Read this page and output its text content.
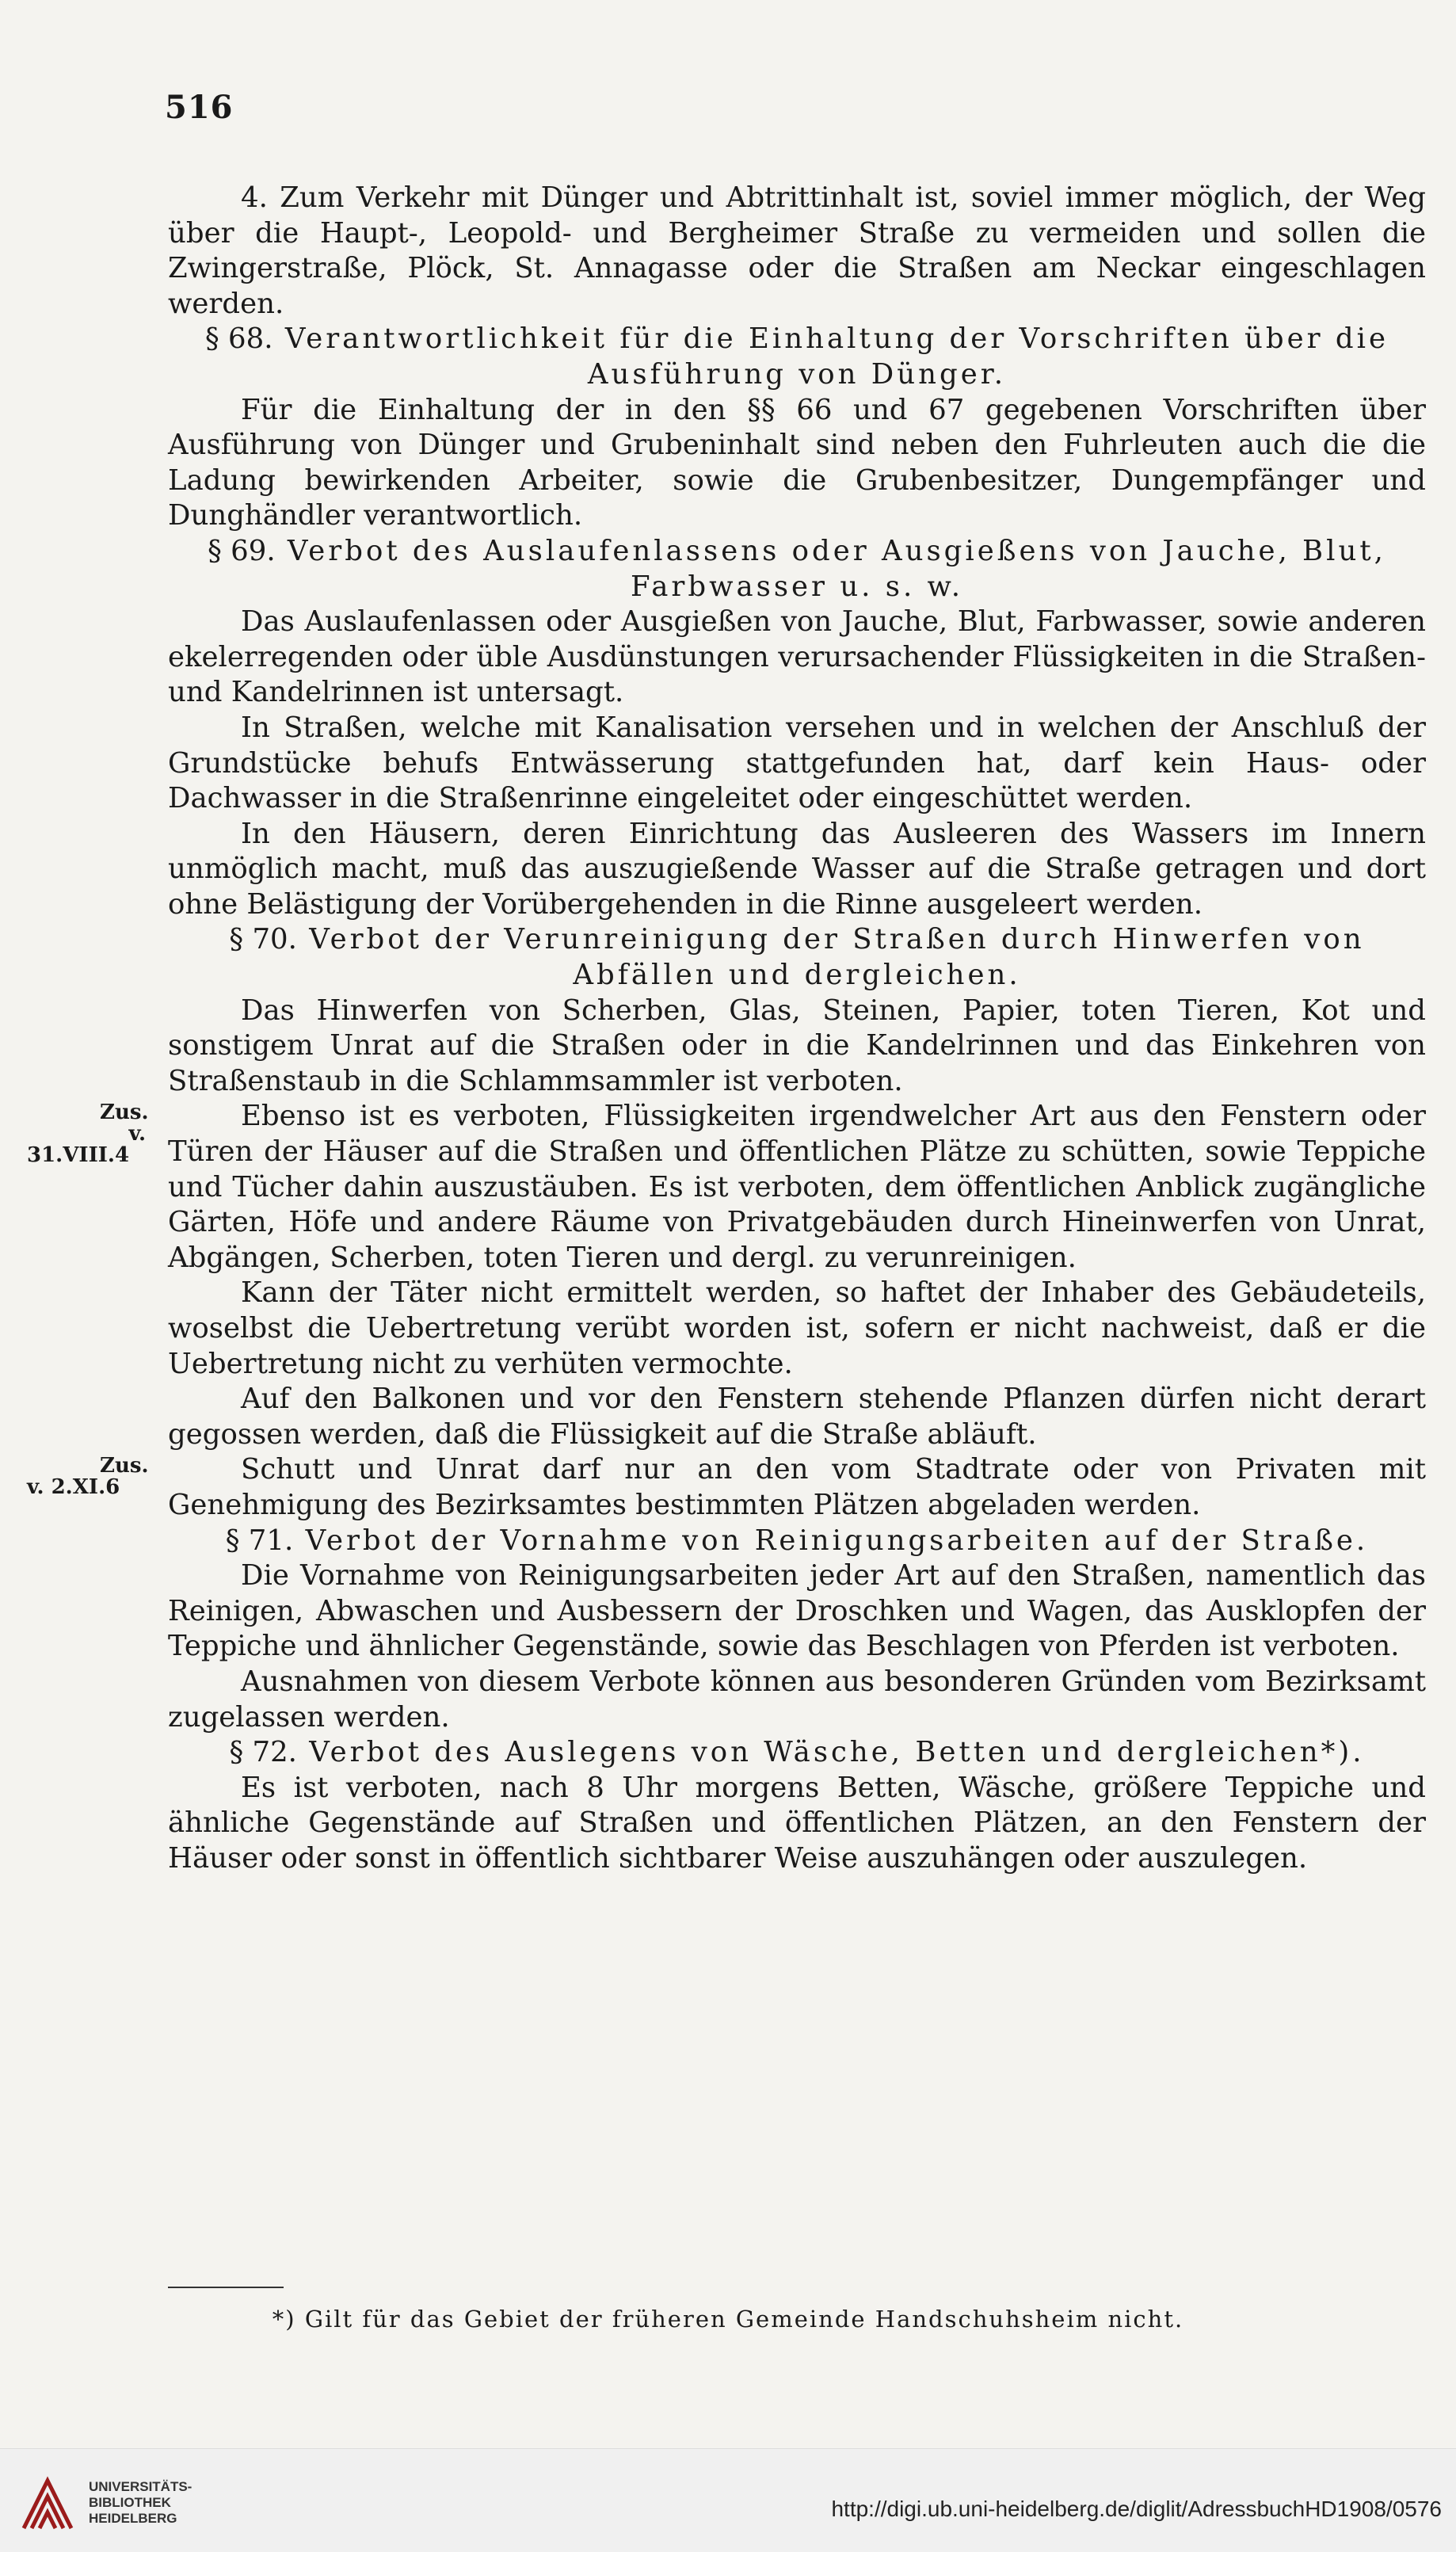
516

4. Zum Verkehr mit Dünger und Abtrittinhalt ist, soviel immer möglich, der Weg über die Haupt-, Leopold- und Bergheimer Straße zu vermeiden und sollen die Zwingerstraße, Plöck, St. Annagasse oder die Straßen am Neckar eingeschlagen werden.

§ 68. Verantwortlichkeit für die Einhaltung der Vorschriften über die Ausführung von Dünger.

Für die Einhaltung der in den §§ 66 und 67 gegebenen Vorschriften über Ausführung von Dünger und Grubeninhalt sind neben den Fuhrleuten auch die die Ladung bewirkenden Arbeiter, sowie die Grubenbesitzer, Dungempfänger und Dunghändler verantwortlich.

§ 69. Verbot des Auslaufenlassens oder Ausgießens von Jauche, Blut, Farbwasser u. s. w.

Das Auslaufenlassen oder Ausgießen von Jauche, Blut, Farbwasser, sowie anderen ekelerregenden oder üble Ausdünstungen verursachender Flüssigkeiten in die Straßen- und Kandelrinnen ist untersagt.

In Straßen, welche mit Kanalisation versehen und in welchen der Anschluß der Grundstücke behufs Entwässerung stattgefunden hat, darf kein Haus- oder Dachwasser in die Straßenrinne eingeleitet oder eingeschüttet werden.

In den Häusern, deren Einrichtung das Ausleeren des Wassers im Innern unmöglich macht, muß das auszugießende Wasser auf die Straße getragen und dort ohne Belästigung der Vorübergehenden in die Rinne ausgeleert werden.

§ 70. Verbot der Verunreinigung der Straßen durch Hinwerfen von Abfällen und dergleichen.

Das Hinwerfen von Scherben, Glas, Steinen, Papier, toten Tieren, Kot und sonstigem Unrat auf die Straßen oder in die Kandelrinnen und das Einkehren von Straßenstaub in die Schlammsammler ist verboten.

Ebenso ist es verboten, Flüssigkeiten irgendwelcher Art aus den Fenstern oder Türen der Häuser auf die Straßen und öffentlichen Plätze zu schütten, sowie Teppiche und Tücher dahin auszustäuben. Es ist verboten, dem öffentlichen Anblick zugängliche Gärten, Höfe und andere Räume von Privatgebäuden durch Hineinwerfen von Unrat, Abgängen, Scherben, toten Tieren und dergl. zu verunreinigen.
Zus. v. 31.VIII.4

Kann der Täter nicht ermittelt werden, so haftet der Inhaber des Gebäudeteils, woselbst die Uebertretung verübt worden ist, sofern er nicht nachweist, daß er die Uebertretung nicht zu verhüten vermochte.

Auf den Balkonen und vor den Fenstern stehende Pflanzen dürfen nicht derart gegossen werden, daß die Flüssigkeit auf die Straße abläuft.

Schutt und Unrat darf nur an den vom Stadtrate oder von Privaten mit Genehmigung des Bezirksamtes bestimmten Plätzen abgeladen werden.
Zus. v. 2.XI.6

§ 71. Verbot der Vornahme von Reinigungsarbeiten auf der Straße.

Die Vornahme von Reinigungsarbeiten jeder Art auf den Straßen, namentlich das Reinigen, Abwaschen und Ausbessern der Droschken und Wagen, das Ausklopfen der Teppiche und ähnlicher Gegenstände, sowie das Beschlagen von Pferden ist verboten.

Ausnahmen von diesem Verbote können aus besonderen Gründen vom Bezirksamt zugelassen werden.

§ 72. Verbot des Auslegens von Wäsche, Betten und dergleichen*).

Es ist verboten, nach 8 Uhr morgens Betten, Wäsche, größere Teppiche und ähnliche Gegenstände auf Straßen und öffentlichen Plätzen, an den Fenstern der Häuser oder sonst in öffentlich sichtbarer Weise auszuhängen oder auszulegen.

*) Gilt für das Gebiet der früheren Gemeinde Handschuhsheim nicht.
UNIVERSITÄTS-
BIBLIOTHEK
HEIDELBERG	http://digi.ub.uni-heidelberg.de/diglit/AdressbuchHD1908/0576
